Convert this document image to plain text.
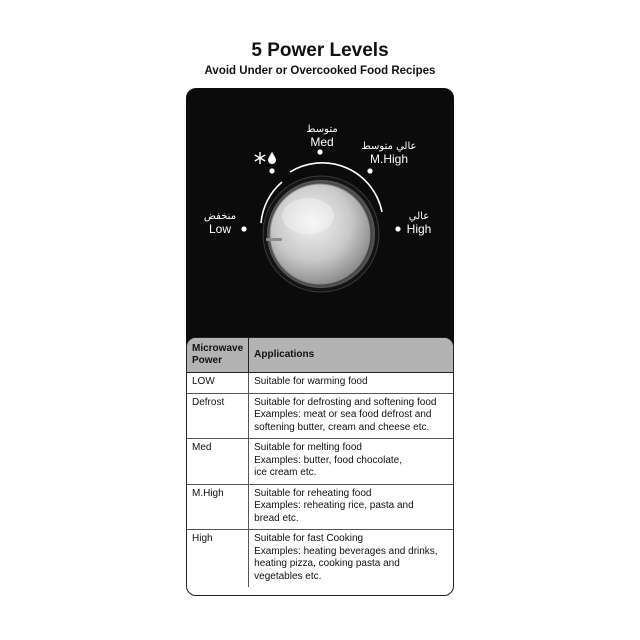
5 Power Levels
Avoid Under or Overcooked Food Recipes
منخفض
Low
متوسط
Med	عالي متوسط
M.High
عالي
High
Microwave Power	Applications
LOW	Suitable for warming food

Defrost	Suitable for defrosting and softening food
Examples: meat or sea food defrost and
softening butter, cream and cheese etc.

Med	Suitable for melting food
Examples: butter, food chocolate,
ice cream etc.

M.High	Suitable for reheating food
Examples: reheating rice, pasta and
bread etc.

High	Suitable for fast Cooking
Examples: heating beverages and drinks,
heating pizza, cooking pasta and
vegetables etc.
